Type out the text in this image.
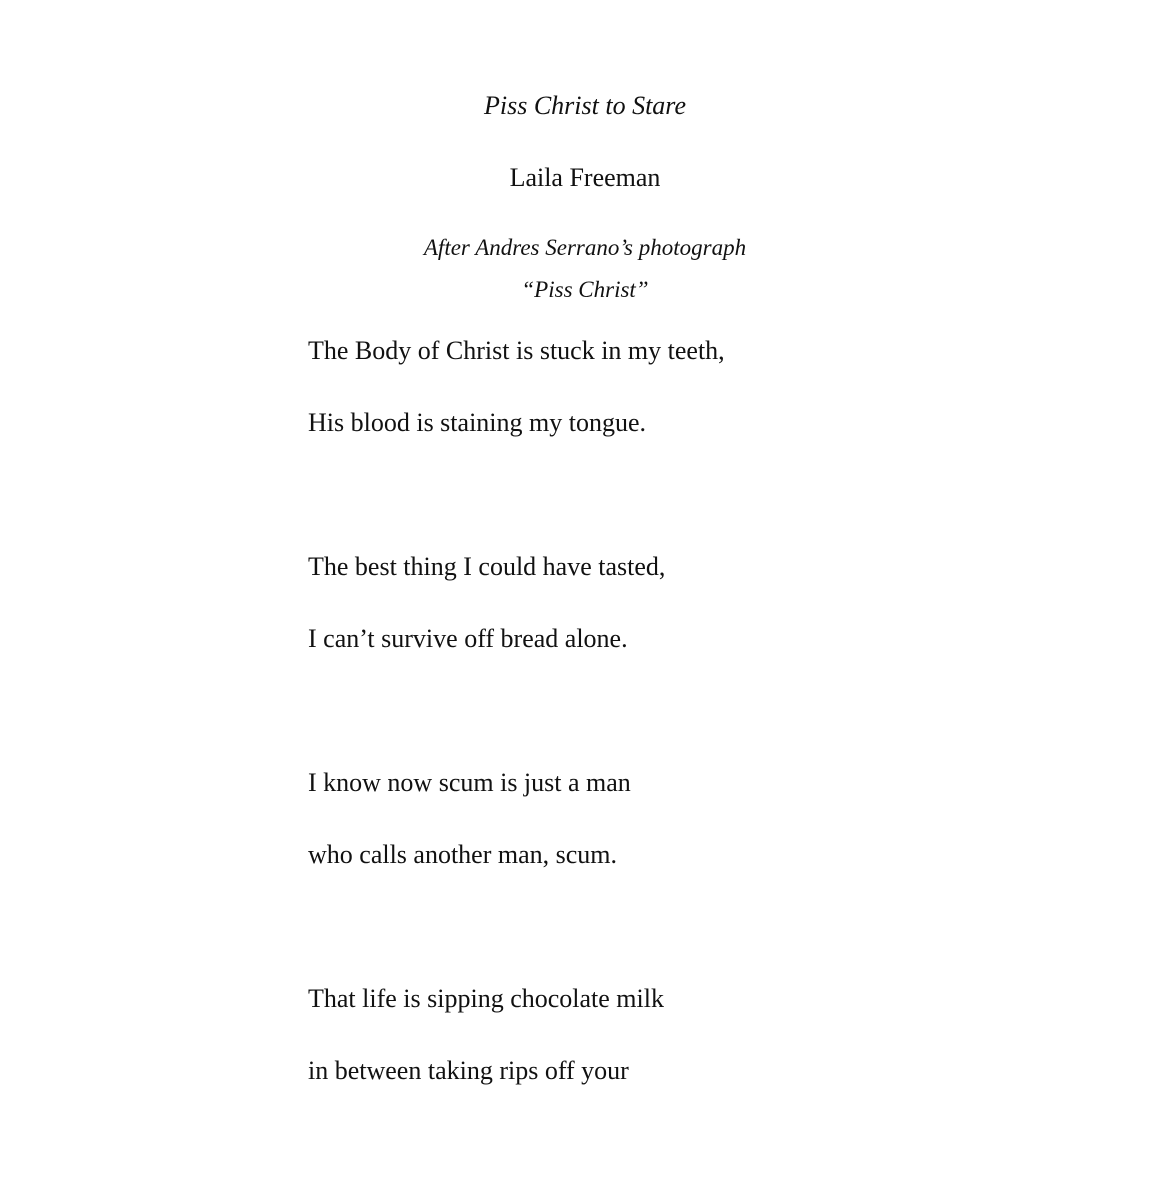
Piss Christ to Stare
Laila Freeman
After Andres Serrano’s photograph
“Piss Christ”
The Body of Christ is stuck in my teeth,
His blood is staining my tongue.
The best thing I could have tasted,
I can’t survive off bread alone.
I know now scum is just a man
who calls another man, scum.
That life is sipping chocolate milk
in between taking rips off your
